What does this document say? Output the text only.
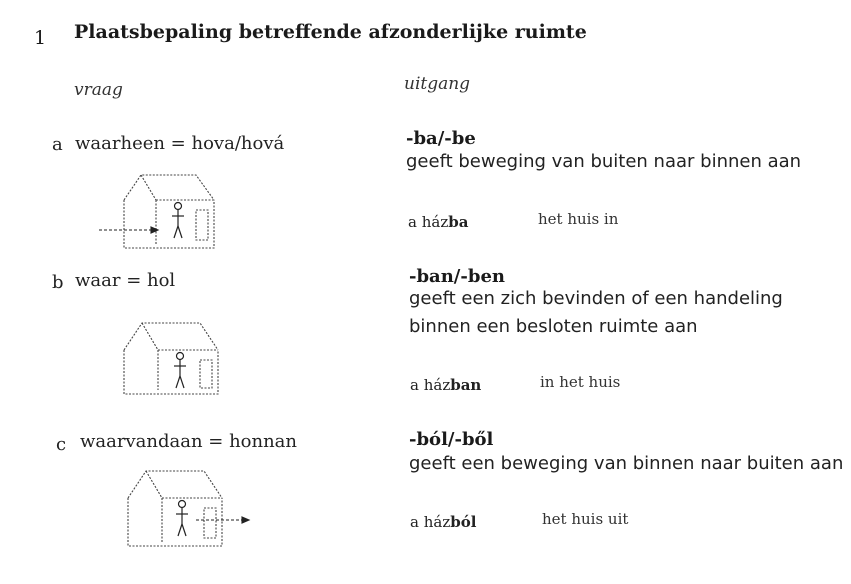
1 Plaatsbepaling betreffende afzonderlijke ruimte
vraag	uitgang
a waarheen = hova/hová	-ba/-be
geeft beweging van buiten naar binnen aan
a házba	het huis in
b waar = hol	-ban/-ben
geeft een zich bevinden of een handeling
binnen een besloten ruimte aan
a házban	in het huis
c waarvandaan = honnan	-ból/-ből
geeft een beweging van binnen naar buiten aan
a házból	het huis uit
